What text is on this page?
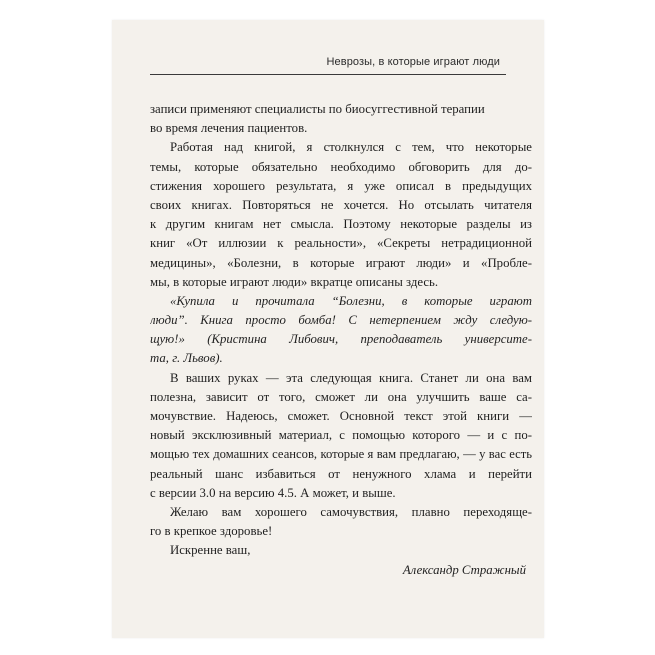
Неврозы, в которые играют люди
записи применяют специалисты по биосуггестивной терапии
во время лечения пациентов.
Работая над книгой, я столкнулся с тем, что некоторые
темы, которые обязательно необходимо обговорить для до-
стижения хорошего результата, я уже описал в предыдущих
своих книгах. Повторяться не хочется. Но отсылать читателя
к другим книгам нет смысла. Поэтому некоторые разделы из
книг «От иллюзии к реальности», «Секреты нетрадиционной
медицины», «Болезни, в которые играют люди» и «Пробле-
мы, в которые играют люди» вкратце описаны здесь.
«Купила и прочитала “Болезни, в которые играют
люди”. Книга просто бомба! С нетерпением жду следую-
щую!» (Кристина Либович, преподаватель университе-
та, г. Львов).
В ваших руках — эта следующая книга. Станет ли она вам
полезна, зависит от того, сможет ли она улучшить ваше са-
мочувствие. Надеюсь, сможет. Основной текст этой книги —
новый эксклюзивный материал, с помощью которого — и с по-
мощью тех домашних сеансов, которые я вам предлагаю, — у вас есть
реальный шанс избавиться от ненужного хлама и перейти
с версии 3.0 на версию 4.5. А может, и выше.
Желаю вам хорошего самочувствия, плавно переходяще-
го в крепкое здоровье!
Искренне ваш,
Александр Стражный
